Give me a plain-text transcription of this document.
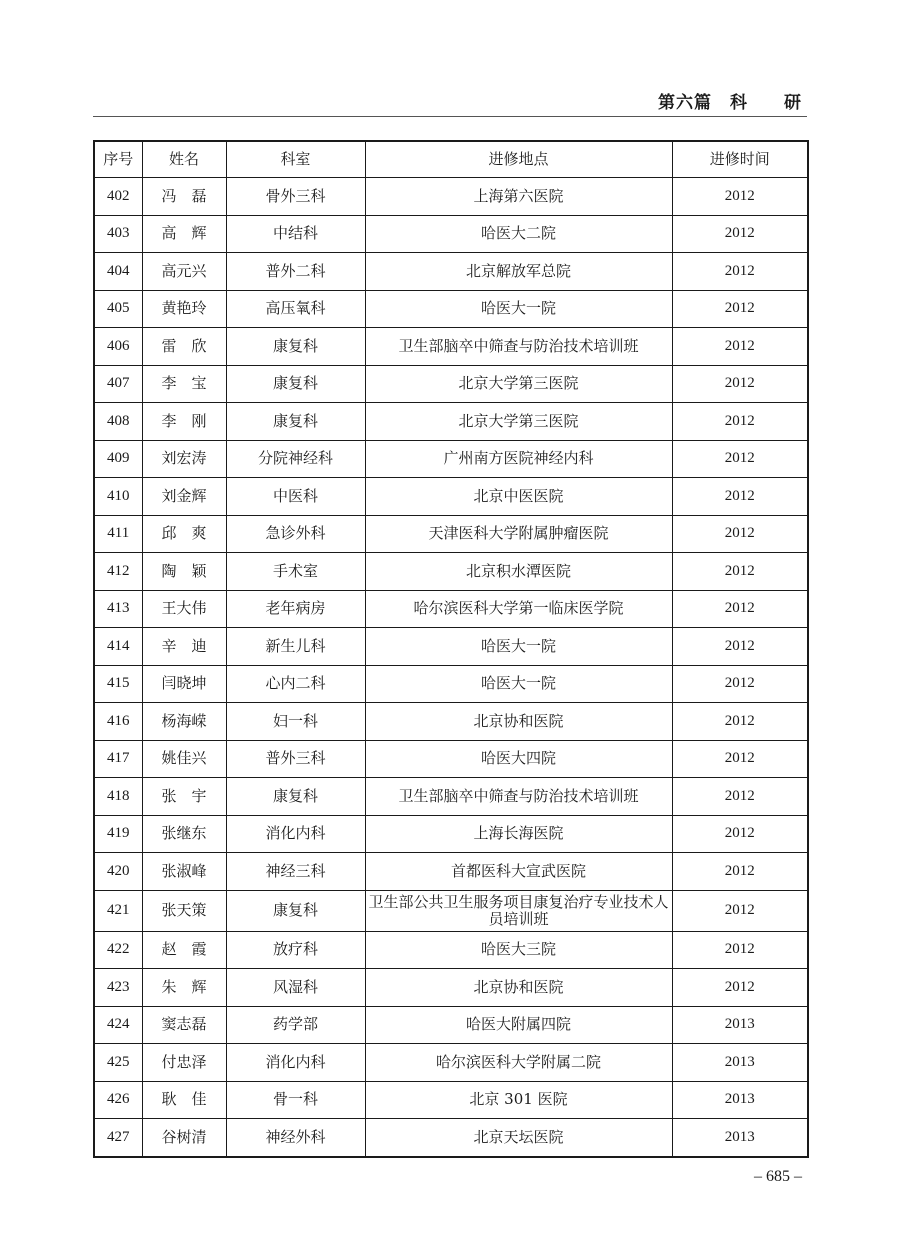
第六篇　科　　研
序号	姓名	科室	进修地点	进修时间
402	冯　磊	骨外三科	上海第六医院	2012
403	高　辉	中结科	哈医大二院	2012
404	高元兴	普外二科	北京解放军总院	2012
405	黄艳玲	高压氧科	哈医大一院	2012
406	雷　欣	康复科	卫生部脑卒中筛查与防治技术培训班	2012
407	李　宝	康复科	北京大学第三医院	2012
408	李　刚	康复科	北京大学第三医院	2012
409	刘宏涛	分院神经科	广州南方医院神经内科	2012
410	刘金辉	中医科	北京中医医院	2012
411	邱　爽	急诊外科	天津医科大学附属肿瘤医院	2012
412	陶　颖	手术室	北京积水潭医院	2012
413	王大伟	老年病房	哈尔滨医科大学第一临床医学院	2012
414	辛　迪	新生儿科	哈医大一院	2012
415	闫晓坤	心内二科	哈医大一院	2012
416	杨海嵘	妇一科	北京协和医院	2012
417	姚佳兴	普外三科	哈医大四院	2012
418	张　宇	康复科	卫生部脑卒中筛查与防治技术培训班	2012
419	张继东	消化内科	上海长海医院	2012
420	张淑峰	神经三科	首都医科大宣武医院	2012
421	张天策	康复科	卫生部公共卫生服务项目康复治疗专业技术人员培训班	2012
422	赵　霞	放疗科	哈医大三院	2012
423	朱　辉	风湿科	北京协和医院	2012
424	窦志磊	药学部	哈医大附属四院	2013
425	付忠泽	消化内科	哈尔滨医科大学附属二院	2013
426	耿　佳	骨一科	北京 301 医院	2013
427	谷树清	神经外科	北京天坛医院	2013
– 685 –
